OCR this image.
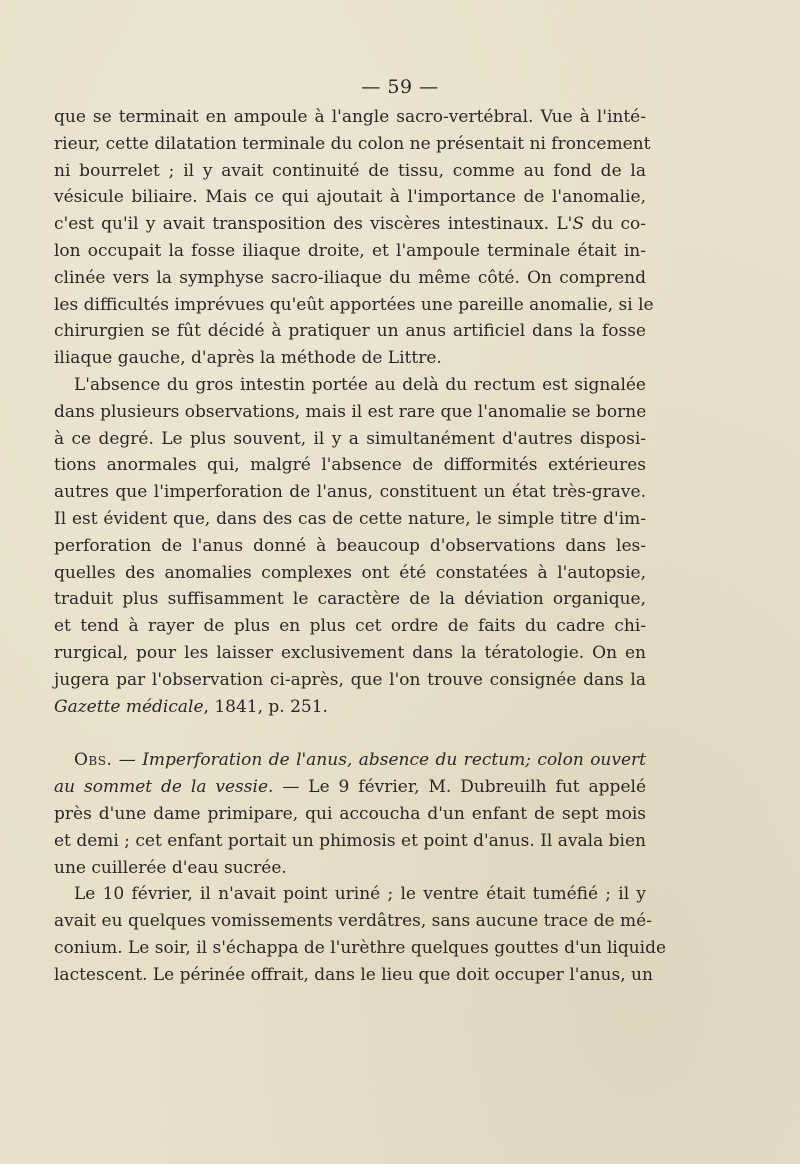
— 59 —
que se terminait en ampoule à l'angle sacro-vertébral. Vue à l'inté-
rieur, cette dilatation terminale du colon ne présentait ni froncement
ni bourrelet ; il y avait continuité de tissu, comme au fond de la
vésicule biliaire. Mais ce qui ajoutait à l'importance de l'anomalie,
c'est qu'il y avait transposition des viscères intestinaux. L'S du co-
lon occupait la fosse iliaque droite, et l'ampoule terminale était in-
clinée vers la symphyse sacro-iliaque du même côté. On comprend
les difficultés imprévues qu'eût apportées une pareille anomalie, si le
chirurgien se fût décidé à pratiquer un anus artificiel dans la fosse
iliaque gauche, d'après la méthode de Littre.
L'absence du gros intestin portée au delà du rectum est signalée
dans plusieurs observations, mais il est rare que l'anomalie se borne
à ce degré. Le plus souvent, il y a simultanément d'autres disposi-
tions anormales qui, malgré l'absence de difformités extérieures
autres que l'imperforation de l'anus, constituent un état très-grave.
Il est évident que, dans des cas de cette nature, le simple titre d'im-
perforation de l'anus donné à beaucoup d'observations dans les-
quelles des anomalies complexes ont été constatées à l'autopsie,
traduit plus suffisamment le caractère de la déviation organique,
et tend à rayer de plus en plus cet ordre de faits du cadre chi-
rurgical, pour les laisser exclusivement dans la tératologie. On en
jugera par l'observation ci-après, que l'on trouve consignée dans la
Gazette médicale, 1841, p. 251.
Obs. — Imperforation de l'anus, absence du rectum; colon ouvert
au sommet de la vessie. — Le 9 février, M. Dubreuilh fut appelé
près d'une dame primipare, qui accoucha d'un enfant de sept mois
et demi ; cet enfant portait un phimosis et point d'anus. Il avala bien
une cuillerée d'eau sucrée.
Le 10 février, il n'avait point uriné ; le ventre était tuméfié ; il y
avait eu quelques vomissements verdâtres, sans aucune trace de mé-
conium. Le soir, il s'échappa de l'urèthre quelques gouttes d'un liquide
lactescent. Le périnée offrait, dans le lieu que doit occuper l'anus, un
